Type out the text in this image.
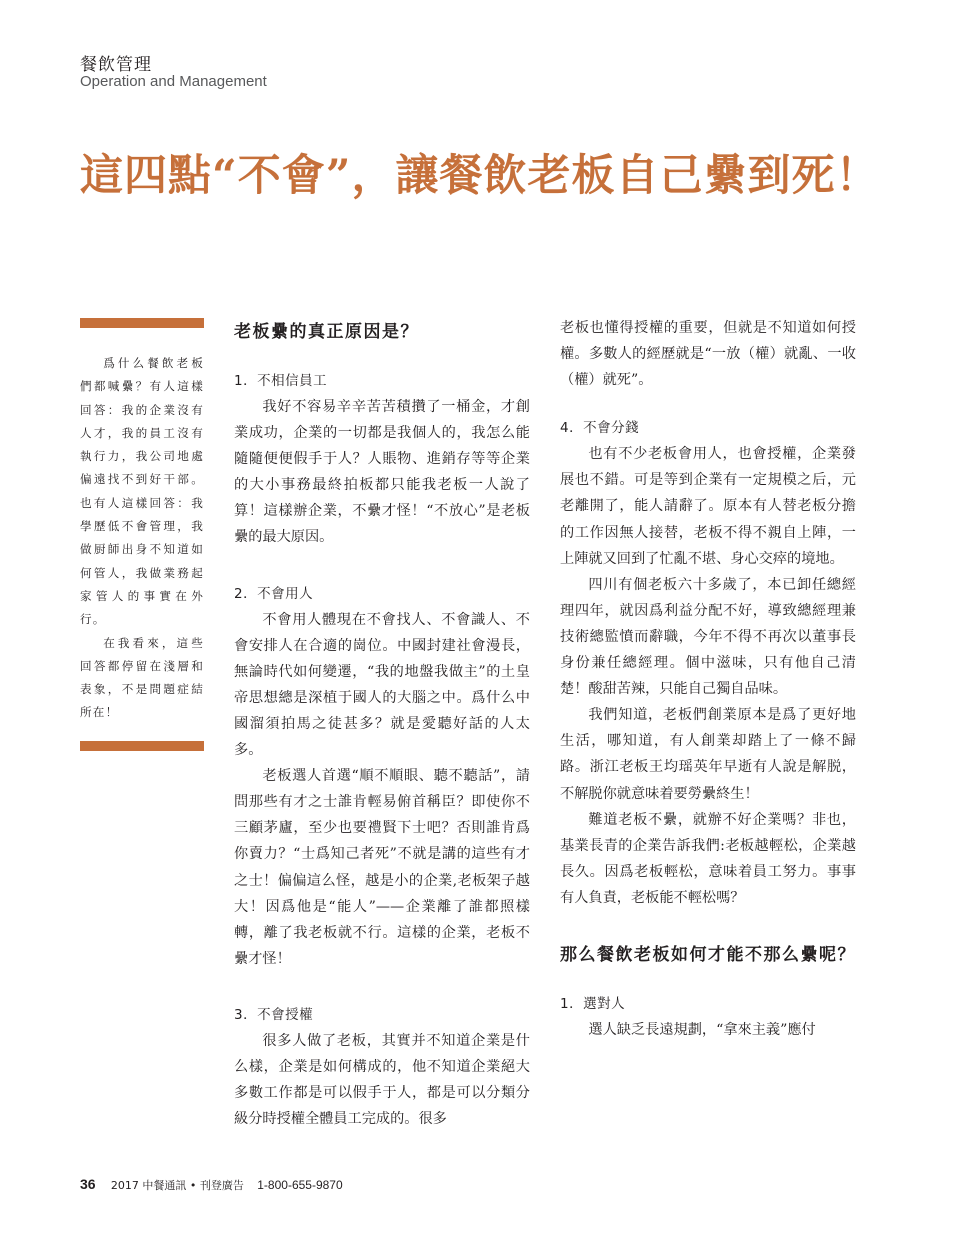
餐飲管理
Operation and Management
這四點“不會”，讓餐飲老板自己纍到死！

爲什么餐飲老板們都喊纍？有人這樣回答：我的企業沒有人才，我的員工沒有執行力，我公司地處偏遠找不到好干部。也有人這樣回答：我學歷低不會管理，我做厨師出身不知道如何管人，我做業務起家管人的事實在外行。

在我看來，這些回答都停留在淺層和表象，不是問題症結所在！

老板纍的真正原因是？
1．不相信員工

我好不容易辛辛苦苦積攢了一桶金，才創業成功，企業的一切都是我個人的，我怎么能隨隨便便假手于人？人賬物、進銷存等等企業的大小事務最終拍板都只能我老板一人說了算！這樣辦企業，不纍才怪！“不放心”是老板纍的最大原因。

2．不會用人

不會用人體現在不會找人、不會識人、不會安排人在合適的崗位。中國封建社會漫長，無論時代如何變遷，“我的地盤我做主”的土皇帝思想總是深植于國人的大腦之中。爲什么中國溜須拍馬之徒甚多？就是愛聽好話的人太多。

老板選人首選“順不順眼、聽不聽話”，請問那些有才之士誰肯輕易俯首稱臣？即使你不三顧茅廬，至少也要禮賢下士吧？否則誰肯爲你賣力？“士爲知己者死”不就是講的這些有才之士！偏偏這么怪，越是小的企業,老板架子越大！因爲他是“能人”——企業離了誰都照樣轉，離了我老板就不行。這樣的企業，老板不纍才怪！

3．不會授權

很多人做了老板，其實并不知道企業是什么樣，企業是如何構成的，他不知道企業絕大多數工作都是可以假手于人，都是可以分類分級分時授權全體員工完成的。很多

老板也懂得授權的重要，但就是不知道如何授權。多數人的經歷就是“一放（權）就亂、一收（權）就死”。

4．不會分錢

也有不少老板會用人，也會授權，企業發展也不錯。可是等到企業有一定規模之后，元老離開了，能人請辭了。原本有人替老板分擔的工作因無人接替，老板不得不親自上陣，一上陣就又回到了忙亂不堪、身心交瘁的境地。

四川有個老板六十多歲了，本已卸任總經理四年，就因爲利益分配不好，導致總經理兼技術總監憤而辭職，今年不得不再次以董事長身份兼任總經理。個中滋味，只有他自己清楚！酸甜苦辣，只能自己獨自品味。

我們知道，老板們創業原本是爲了更好地生活，哪知道，有人創業却踏上了一條不歸路。浙江老板王均瑶英年早逝有人說是解脱，不解脱你就意味着要勞纍終生！

難道老板不纍，就辦不好企業嗎？非也，基業長青的企業告訴我們:老板越輕松，企業越長久。因爲老板輕松，意味着員工努力。事事有人負責，老板能不輕松嗎？

那么餐飲老板如何才能不那么纍呢？
1．選對人

選人缺乏長遠規劃，“拿來主義”應付

36 2017 中餐通訊 • 刊登廣告 1-800-655-9870
